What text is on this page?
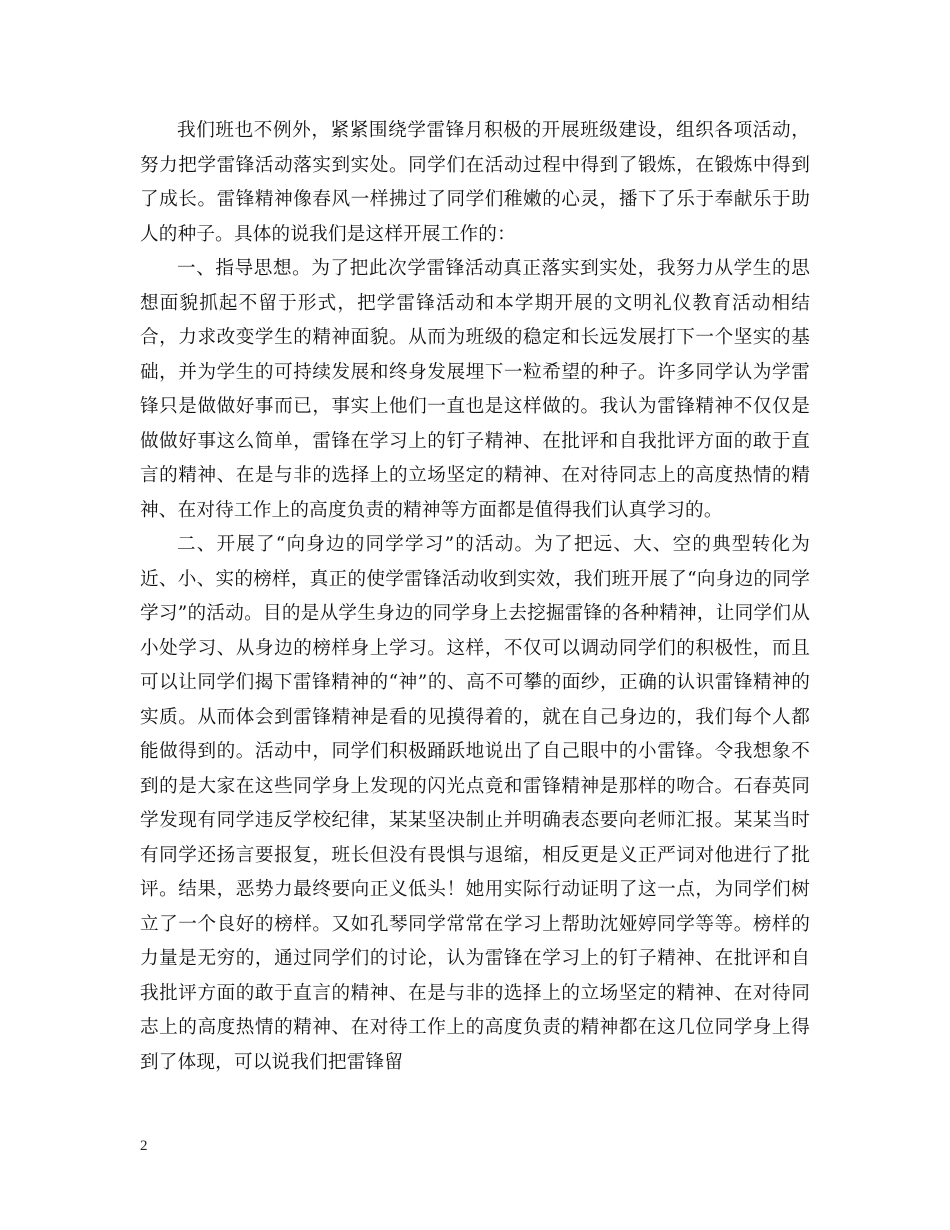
我们班也不例外，紧紧围绕学雷锋月积极的开展班级建设，组织各项活动，努力把学雷锋活动落实到实处。同学们在活动过程中得到了锻炼，在锻炼中得到了成长。雷锋精神像春风一样拂过了同学们稚嫩的心灵，播下了乐于奉献乐于助人的种子。具体的说我们是这样开展工作的：

一、指导思想。为了把此次学雷锋活动真正落实到实处，我努力从学生的思想面貌抓起不留于形式，把学雷锋活动和本学期开展的文明礼仪教育活动相结合，力求改变学生的精神面貌。从而为班级的稳定和长远发展打下一个坚实的基础，并为学生的可持续发展和终身发展埋下一粒希望的种子。许多同学认为学雷锋只是做做好事而已，事实上他们一直也是这样做的。我认为雷锋精神不仅仅是做做好事这么简单，雷锋在学习上的钉子精神、在批评和自我批评方面的敢于直言的精神、在是与非的选择上的立场坚定的精神、在对待同志上的高度热情的精神、在对待工作上的高度负责的精神等方面都是值得我们认真学习的。

二、开展了“向身边的同学学习”的活动。为了把远、大、空的典型转化为近、小、实的榜样，真正的使学雷锋活动收到实效，我们班开展了“向身边的同学学习”的活动。目的是从学生身边的同学身上去挖掘雷锋的各种精神，让同学们从小处学习、从身边的榜样身上学习。这样，不仅可以调动同学们的积极性，而且可以让同学们揭下雷锋精神的“神”的、高不可攀的面纱，正确的认识雷锋精神的实质。从而体会到雷锋精神是看的见摸得着的，就在自己身边的，我们每个人都能做得到的。活动中，同学们积极踊跃地说出了自己眼中的小雷锋。令我想象不到的是大家在这些同学身上发现的闪光点竟和雷锋精神是那样的吻合。石春英同学发现有同学违反学校纪律，某某坚决制止并明确表态要向老师汇报。某某当时有同学还扬言要报复，班长但没有畏惧与退缩，相反更是义正严词对他进行了批评。结果，恶势力最终要向正义低头！她用实际行动证明了这一点，为同学们树立了一个良好的榜样。又如孔琴同学常常在学习上帮助沈娅婷同学等等。榜样的力量是无穷的，通过同学们的讨论，认为雷锋在学习上的钉子精神、在批评和自我批评方面的敢于直言的精神、在是与非的选择上的立场坚定的精神、在对待同志上的高度热情的精神、在对待工作上的高度负责的精神都在这几位同学身上得到了体现，可以说我们把雷锋留

2
